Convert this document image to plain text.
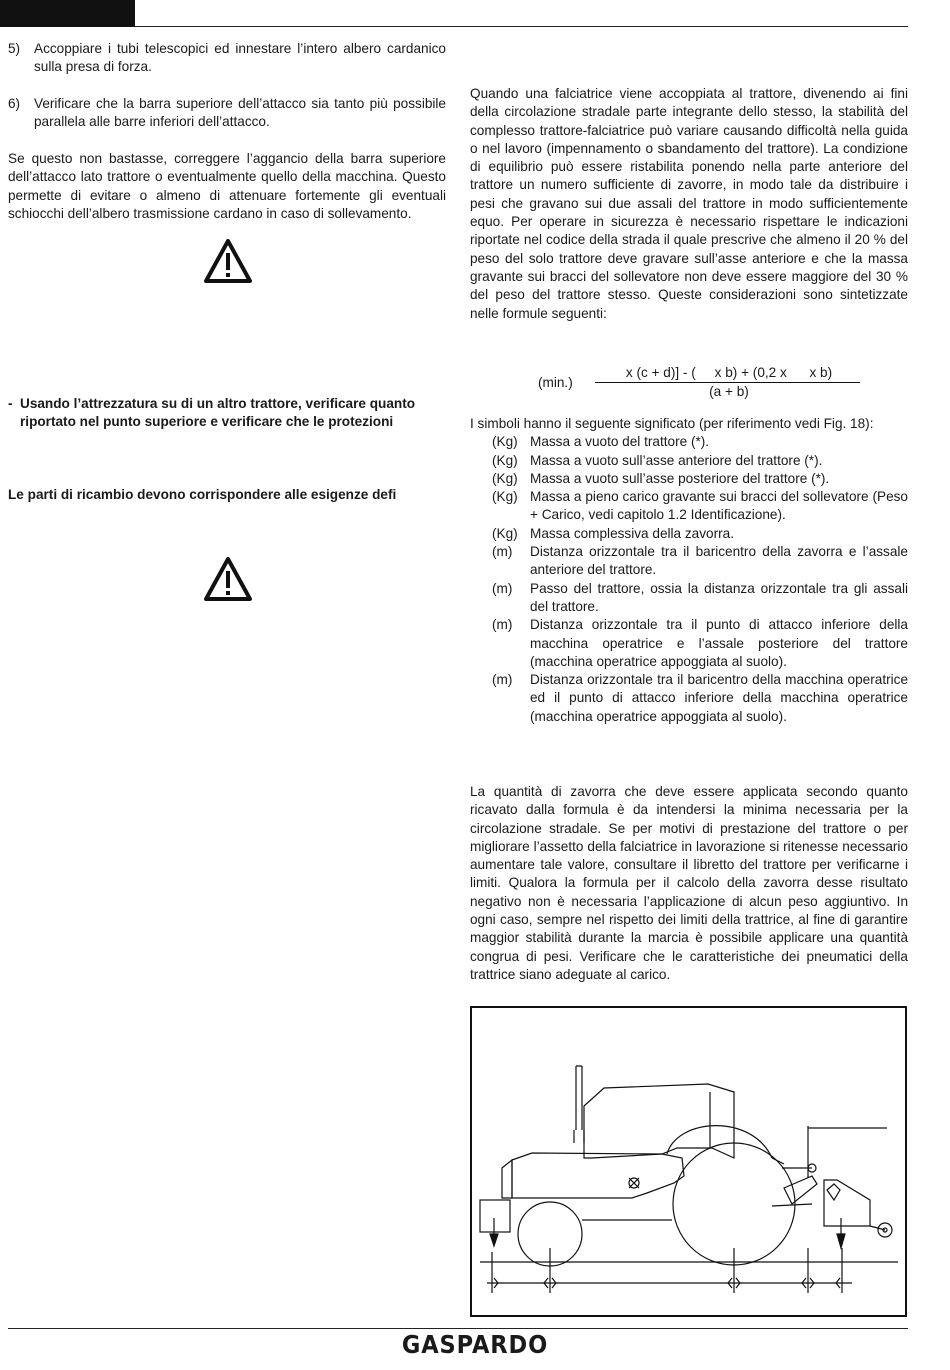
5)	Accoppiare i tubi telescopici ed innestare l’intero albero cardanico sulla presa di forza.
6)	Verificare che la barra superiore dell’attacco sia tanto più possibile parallela alle barre inferiori dell’attacco.

Se questo non bastasse, correggere l’aggancio della barra superiore dell’attacco lato trattore o eventualmente quello della macchina. Questo permette di evitare o almeno di attenuare fortemente gli eventuali schiocchi dell’albero trasmissione cardano in caso di sollevamento.

- Usando l’attrezzatura su di un altro trattore, verificare quanto riportato nel punto superiore e verificare che le protezioni

Le parti di ricambio devono corrispondere alle esigenze defi

Quando una falciatrice viene accoppiata al trattore, divenendo ai fini della circolazione stradale parte integrante dello stesso, la stabilità del complesso trattore-falciatrice può variare causando difficoltà nella guida o nel lavoro (impennamento o sbandamento del trattore). La condizione di equilibrio può essere ristabilita ponendo nella parte anteriore del trattore un numero sufficiente di zavorre, in modo tale da distribuire i pesi che gravano sui due assali del trattore in modo sufficientemente equo. Per operare in sicurezza è necessario rispettare le indicazioni riportate nel codice della strada il quale prescrive che almeno il 20 % del peso del solo trattore deve gravare sull’asse anteriore e che la massa gravante sui bracci del sollevatore non deve essere maggiore del 30 % del peso del trattore stesso. Queste considerazioni sono sintetizzate nelle formule seguenti:

(min.)
x (c + d)] - (     x b) + (0,2 x      x b)
(a + b)
I simboli hanno il seguente significato (per riferimento vedi Fig. 18):
(Kg) Massa a vuoto del trattore (*).
(Kg) Massa a vuoto sull’asse anteriore del trattore (*).
(Kg) Massa a vuoto sull’asse posteriore del trattore (*).
(Kg) Massa a pieno carico gravante sui bracci del sollevatore (Peso + Carico, vedi capitolo 1.2 Identificazione).
(Kg) Massa complessiva della zavorra.
(m)	Distanza orizzontale tra il baricentro della zavorra e l’assale anteriore del trattore.
(m)	Passo del trattore, ossia la distanza orizzontale tra gli assali del trattore.
(m)	Distanza orizzontale tra il punto di attacco inferiore della macchina operatrice e l’assale posteriore del trattore (macchina operatrice appoggiata al suolo).
(m)	Distanza orizzontale tra il baricentro della macchina operatrice ed il punto di attacco inferiore della macchina operatrice (macchina operatrice appoggiata al suolo).

La quantità di zavorra che deve essere applicata secondo quanto ricavato dalla formula è da intendersi la minima necessaria per la circolazione stradale. Se per motivi di prestazione del trattore o per migliorare l’assetto della falciatrice in lavorazione si ritenesse necessario aumentare tale valore, consultare il libretto del trattore per verificarne i limiti. Qualora la formula per il calcolo della zavorra desse risultato negativo non è necessaria l’applicazione di alcun peso aggiuntivo. In ogni caso, sempre nel rispetto dei limiti della trattrice, al fine di garantire maggior stabilità durante la marcia è possibile applicare una quantità congrua di pesi. Verificare che le caratteristiche dei pneumatici della trattrice siano adeguate al carico.

GASPARDO
